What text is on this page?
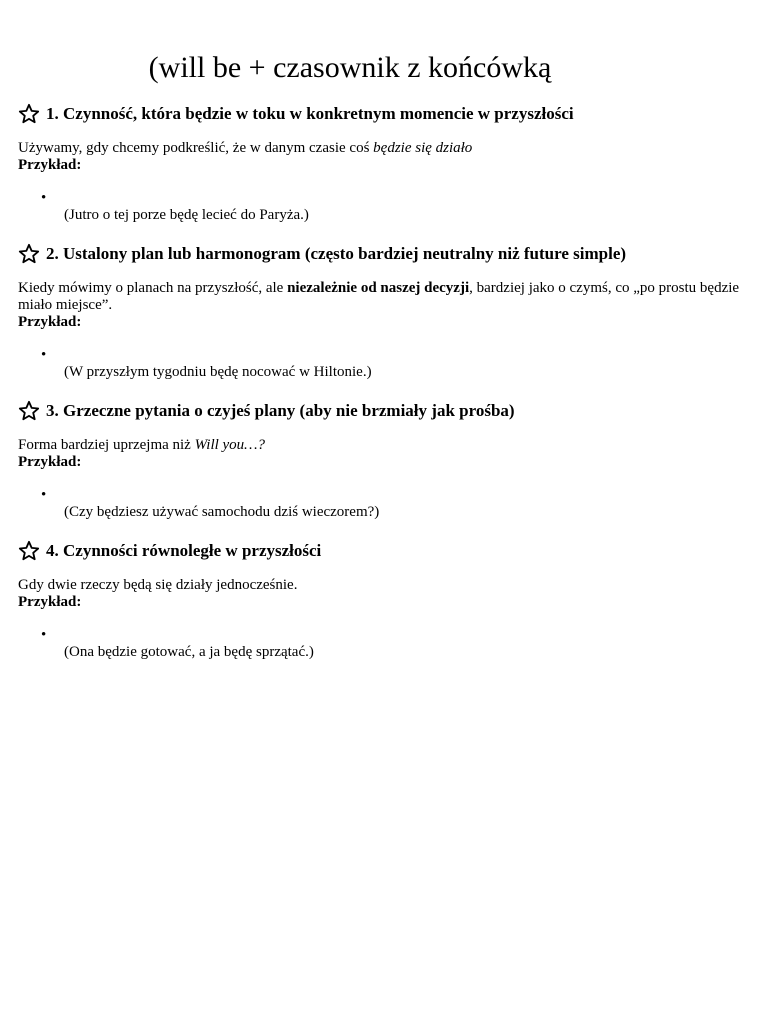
(will be + czasownik z końcówką
1. Czynność, która będzie w toku w konkretnym momencie w przyszłości

Używamy, gdy chcemy podkreślić, że w danym czasie coś będzie się działo

Przykład:

•

(Jutro o tej porze będę lecieć do Paryża.)

2. Ustalony plan lub harmonogram (często bardziej neutralny niż future simple)

Kiedy mówimy o planach na przyszłość, ale niezależnie od naszej decyzji, bardziej jako o czymś, co „po prostu będzie miało miejsce”.

Przykład:

•

(W przyszłym tygodniu będę nocować w Hiltonie.)

3. Grzeczne pytania o czyjeś plany (aby nie brzmiały jak prośba)

Forma bardziej uprzejma niż Will you…?

Przykład:

•

(Czy będziesz używać samochodu dziś wieczorem?)

4. Czynności równoległe w przyszłości

Gdy dwie rzeczy będą się działy jednocześnie.

Przykład:

•

(Ona będzie gotować, a ja będę sprzątać.)
